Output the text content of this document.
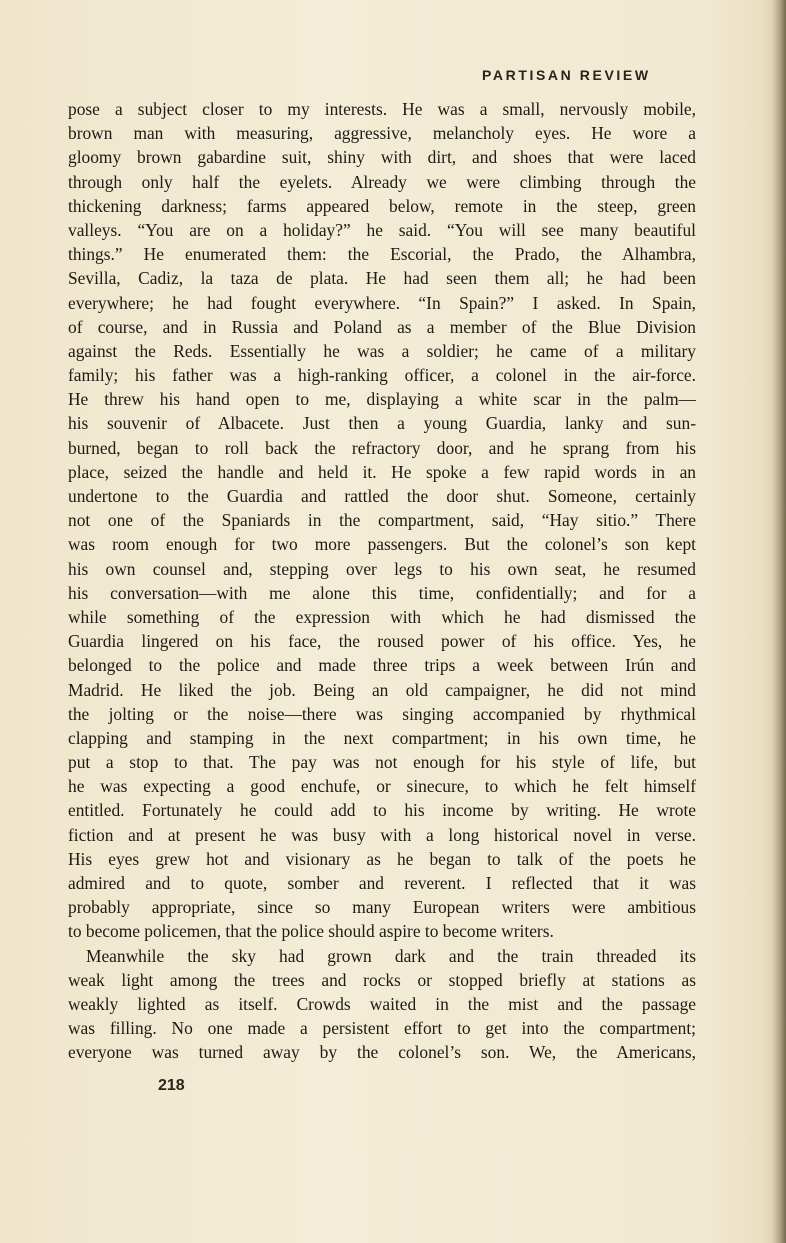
PARTISAN REVIEW
pose a subject closer to my interests. He was a small, nervously mobile,
brown man with measuring, aggressive, melancholy eyes. He wore a
gloomy brown gabardine suit, shiny with dirt, and shoes that were laced
through only half the eyelets. Already we were climbing through the
thickening darkness; farms appeared below, remote in the steep, green
valleys. “You are on a holiday?” he said. “You will see many beautiful
things.” He enumerated them: the Escorial, the Prado, the Alhambra,
Sevilla, Cadiz, la taza de plata. He had seen them all; he had been
everywhere; he had fought everywhere. “In Spain?” I asked. In Spain,
of course, and in Russia and Poland as a member of the Blue Division
against the Reds. Essentially he was a soldier; he came of a military
family; his father was a high-ranking officer, a colonel in the air-force.
He threw his hand open to me, displaying a white scar in the palm—
his souvenir of Albacete. Just then a young Guardia, lanky and sun-
burned, began to roll back the refractory door, and he sprang from his
place, seized the handle and held it. He spoke a few rapid words in an
undertone to the Guardia and rattled the door shut. Someone, certainly
not one of the Spaniards in the compartment, said, “Hay sitio.” There
was room enough for two more passengers. But the colonel’s son kept
his own counsel and, stepping over legs to his own seat, he resumed
his conversation—with me alone this time, confidentially; and for a
while something of the expression with which he had dismissed the
Guardia lingered on his face, the roused power of his office. Yes, he
belonged to the police and made three trips a week between Irún and
Madrid. He liked the job. Being an old campaigner, he did not mind
the jolting or the noise—there was singing accompanied by rhythmical
clapping and stamping in the next compartment; in his own time, he
put a stop to that. The pay was not enough for his style of life, but
he was expecting a good enchufe, or sinecure, to which he felt himself
entitled. Fortunately he could add to his income by writing. He wrote
fiction and at present he was busy with a long historical novel in verse.
His eyes grew hot and visionary as he began to talk of the poets he
admired and to quote, somber and reverent. I reflected that it was
probably appropriate, since so many European writers were ambitious
to become policemen, that the police should aspire to become writers.
Meanwhile the sky had grown dark and the train threaded its
weak light among the trees and rocks or stopped briefly at stations as
weakly lighted as itself. Crowds waited in the mist and the passage
was filling. No one made a persistent effort to get into the compartment;
everyone was turned away by the colonel’s son. We, the Americans,
218
